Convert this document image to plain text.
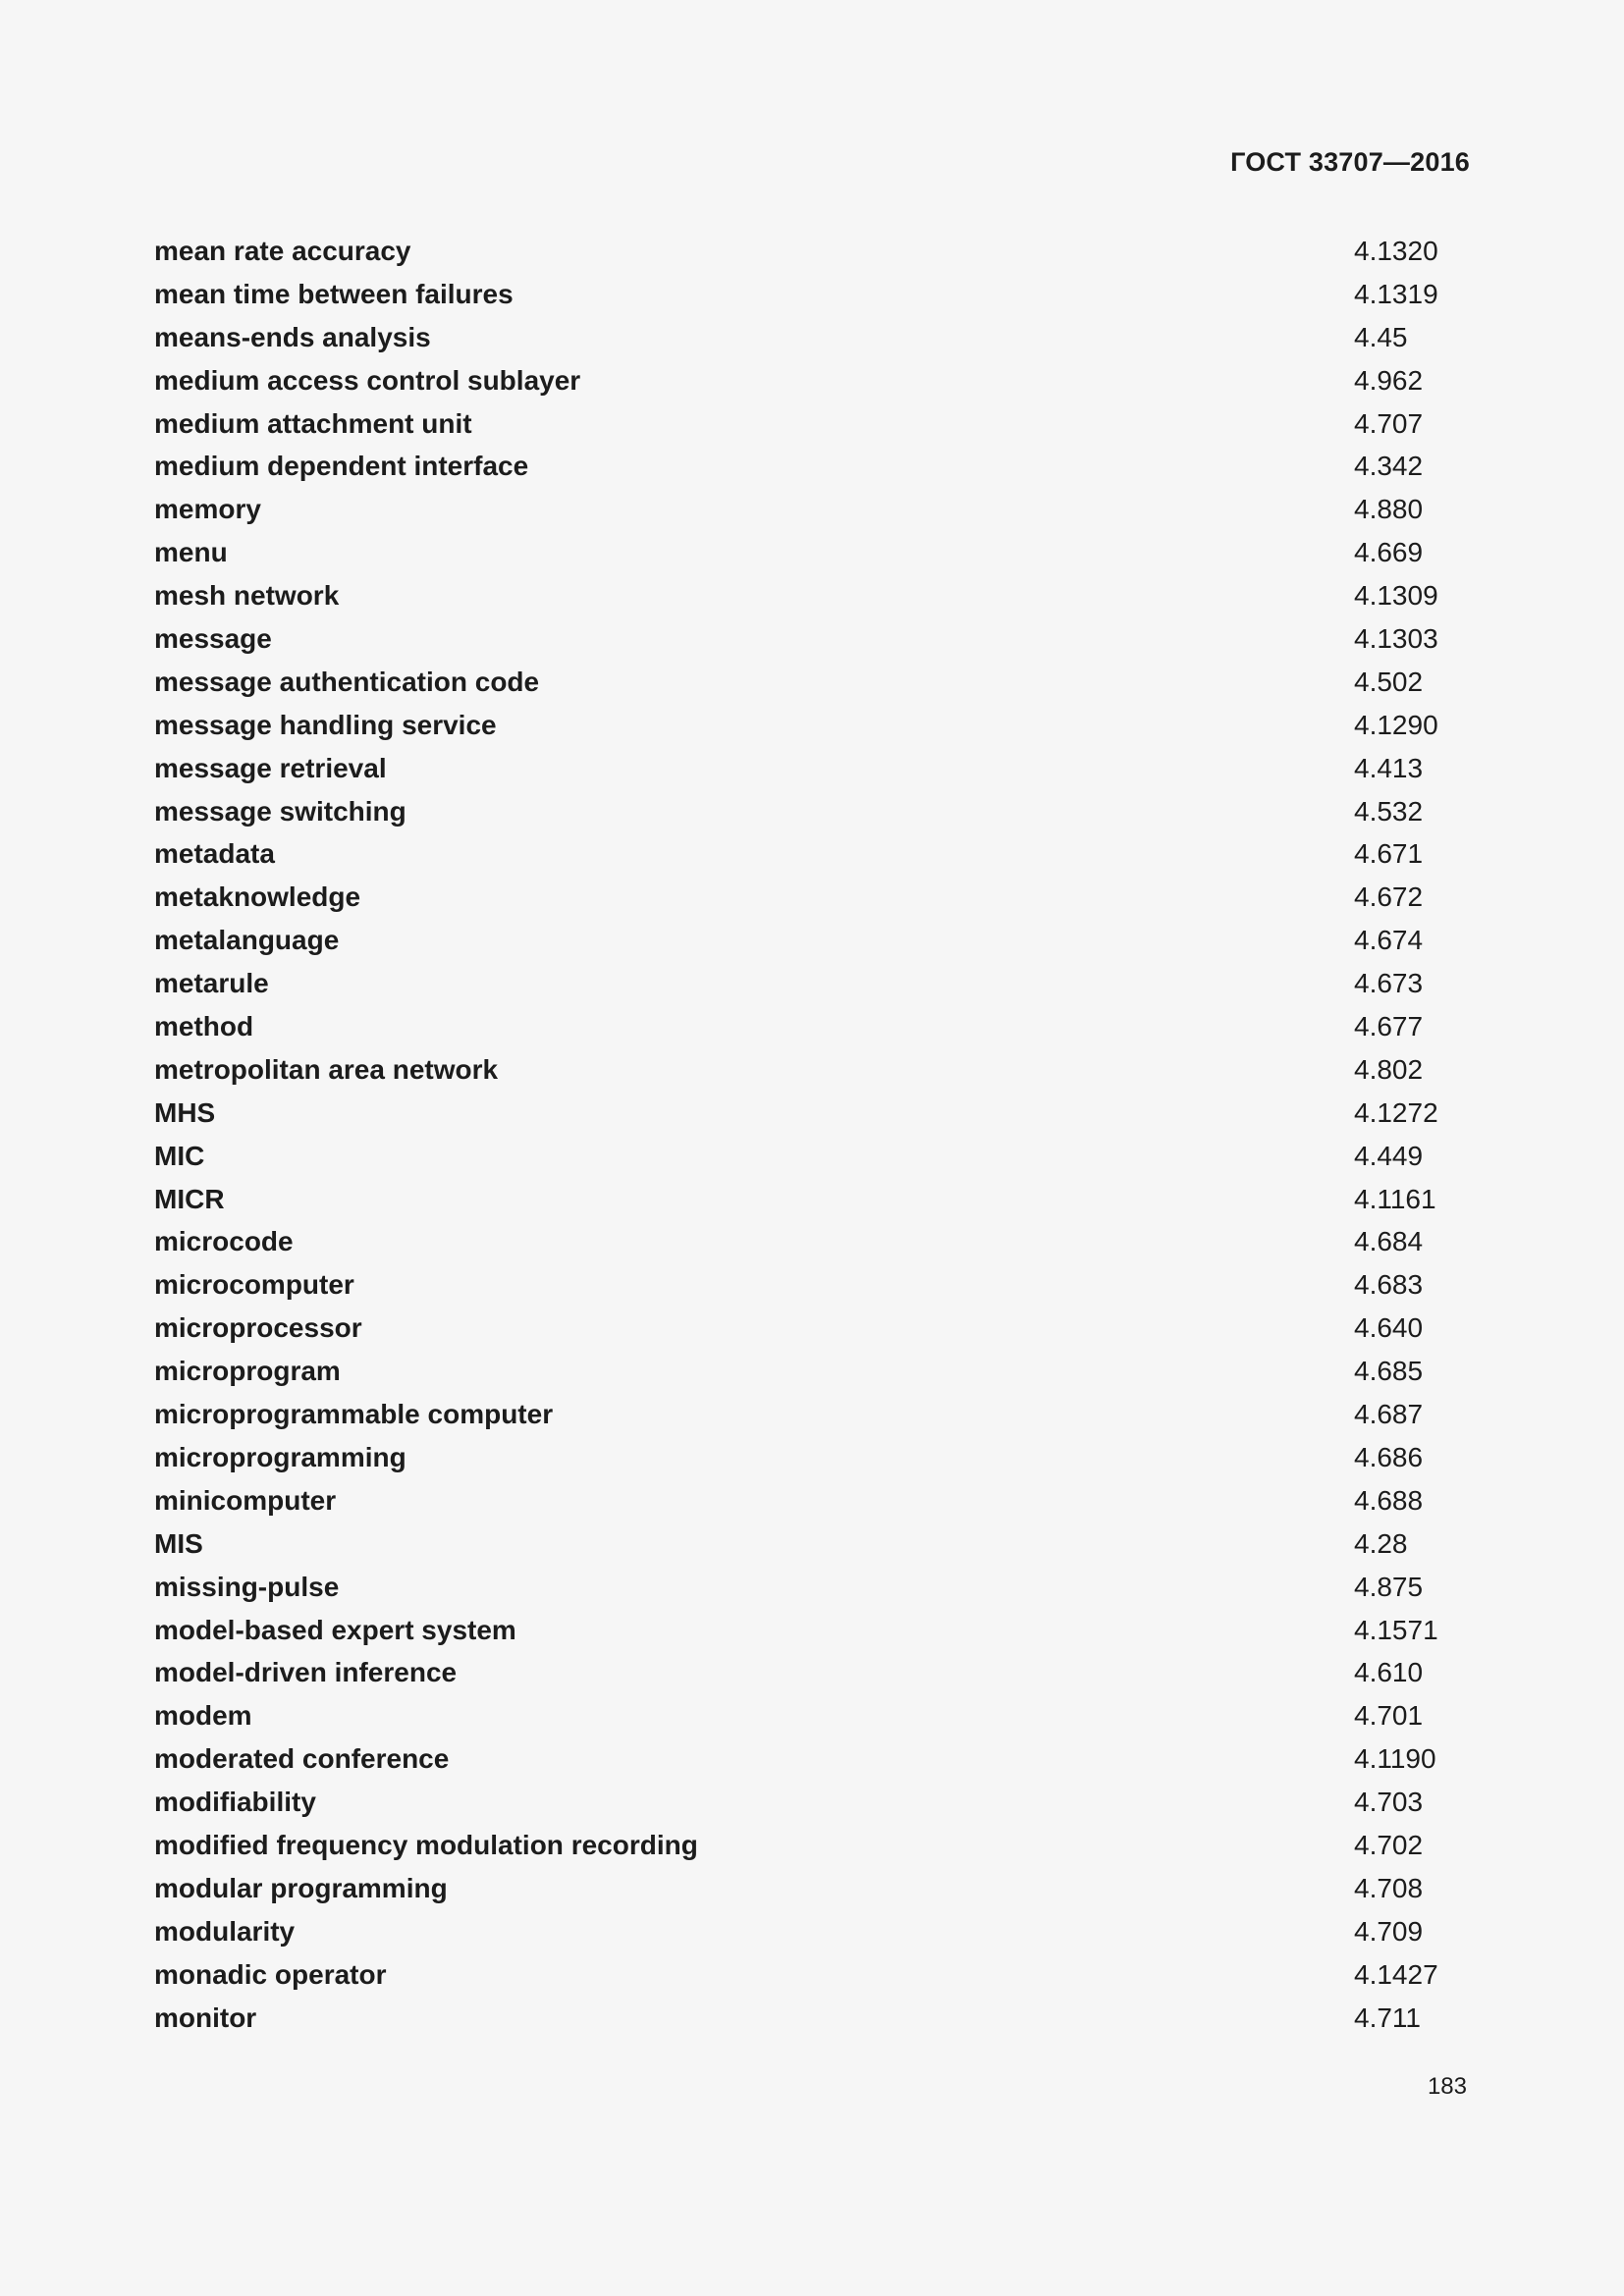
ГОСТ 33707—2016
mean rate accuracy	4.1320
mean time between failures	4.1319
means-ends analysis	4.45
medium access control sublayer	4.962
medium attachment unit	4.707
medium dependent interface	4.342
memory	4.880
menu	4.669
mesh network	4.1309
message	4.1303
message authentication code	4.502
message handling service	4.1290
message retrieval	4.413
message switching	4.532
metadata	4.671
metaknowledge	4.672
metalanguage	4.674
metarule	4.673
method	4.677
metropolitan area network	4.802
MHS	4.1272
MIC	4.449
MICR	4.1161
microcode	4.684
microcomputer	4.683
microprocessor	4.640
microprogram	4.685
microprogrammable computer	4.687
microprogramming	4.686
minicomputer	4.688
MIS	4.28
missing-pulse	4.875
model-based expert system	4.1571
model-driven inference	4.610
modem	4.701
moderated conference	4.1190
modifiability	4.703
modified frequency modulation recording	4.702
modular programming	4.708
modularity	4.709
monadic operator	4.1427
monitor	4.711
183
